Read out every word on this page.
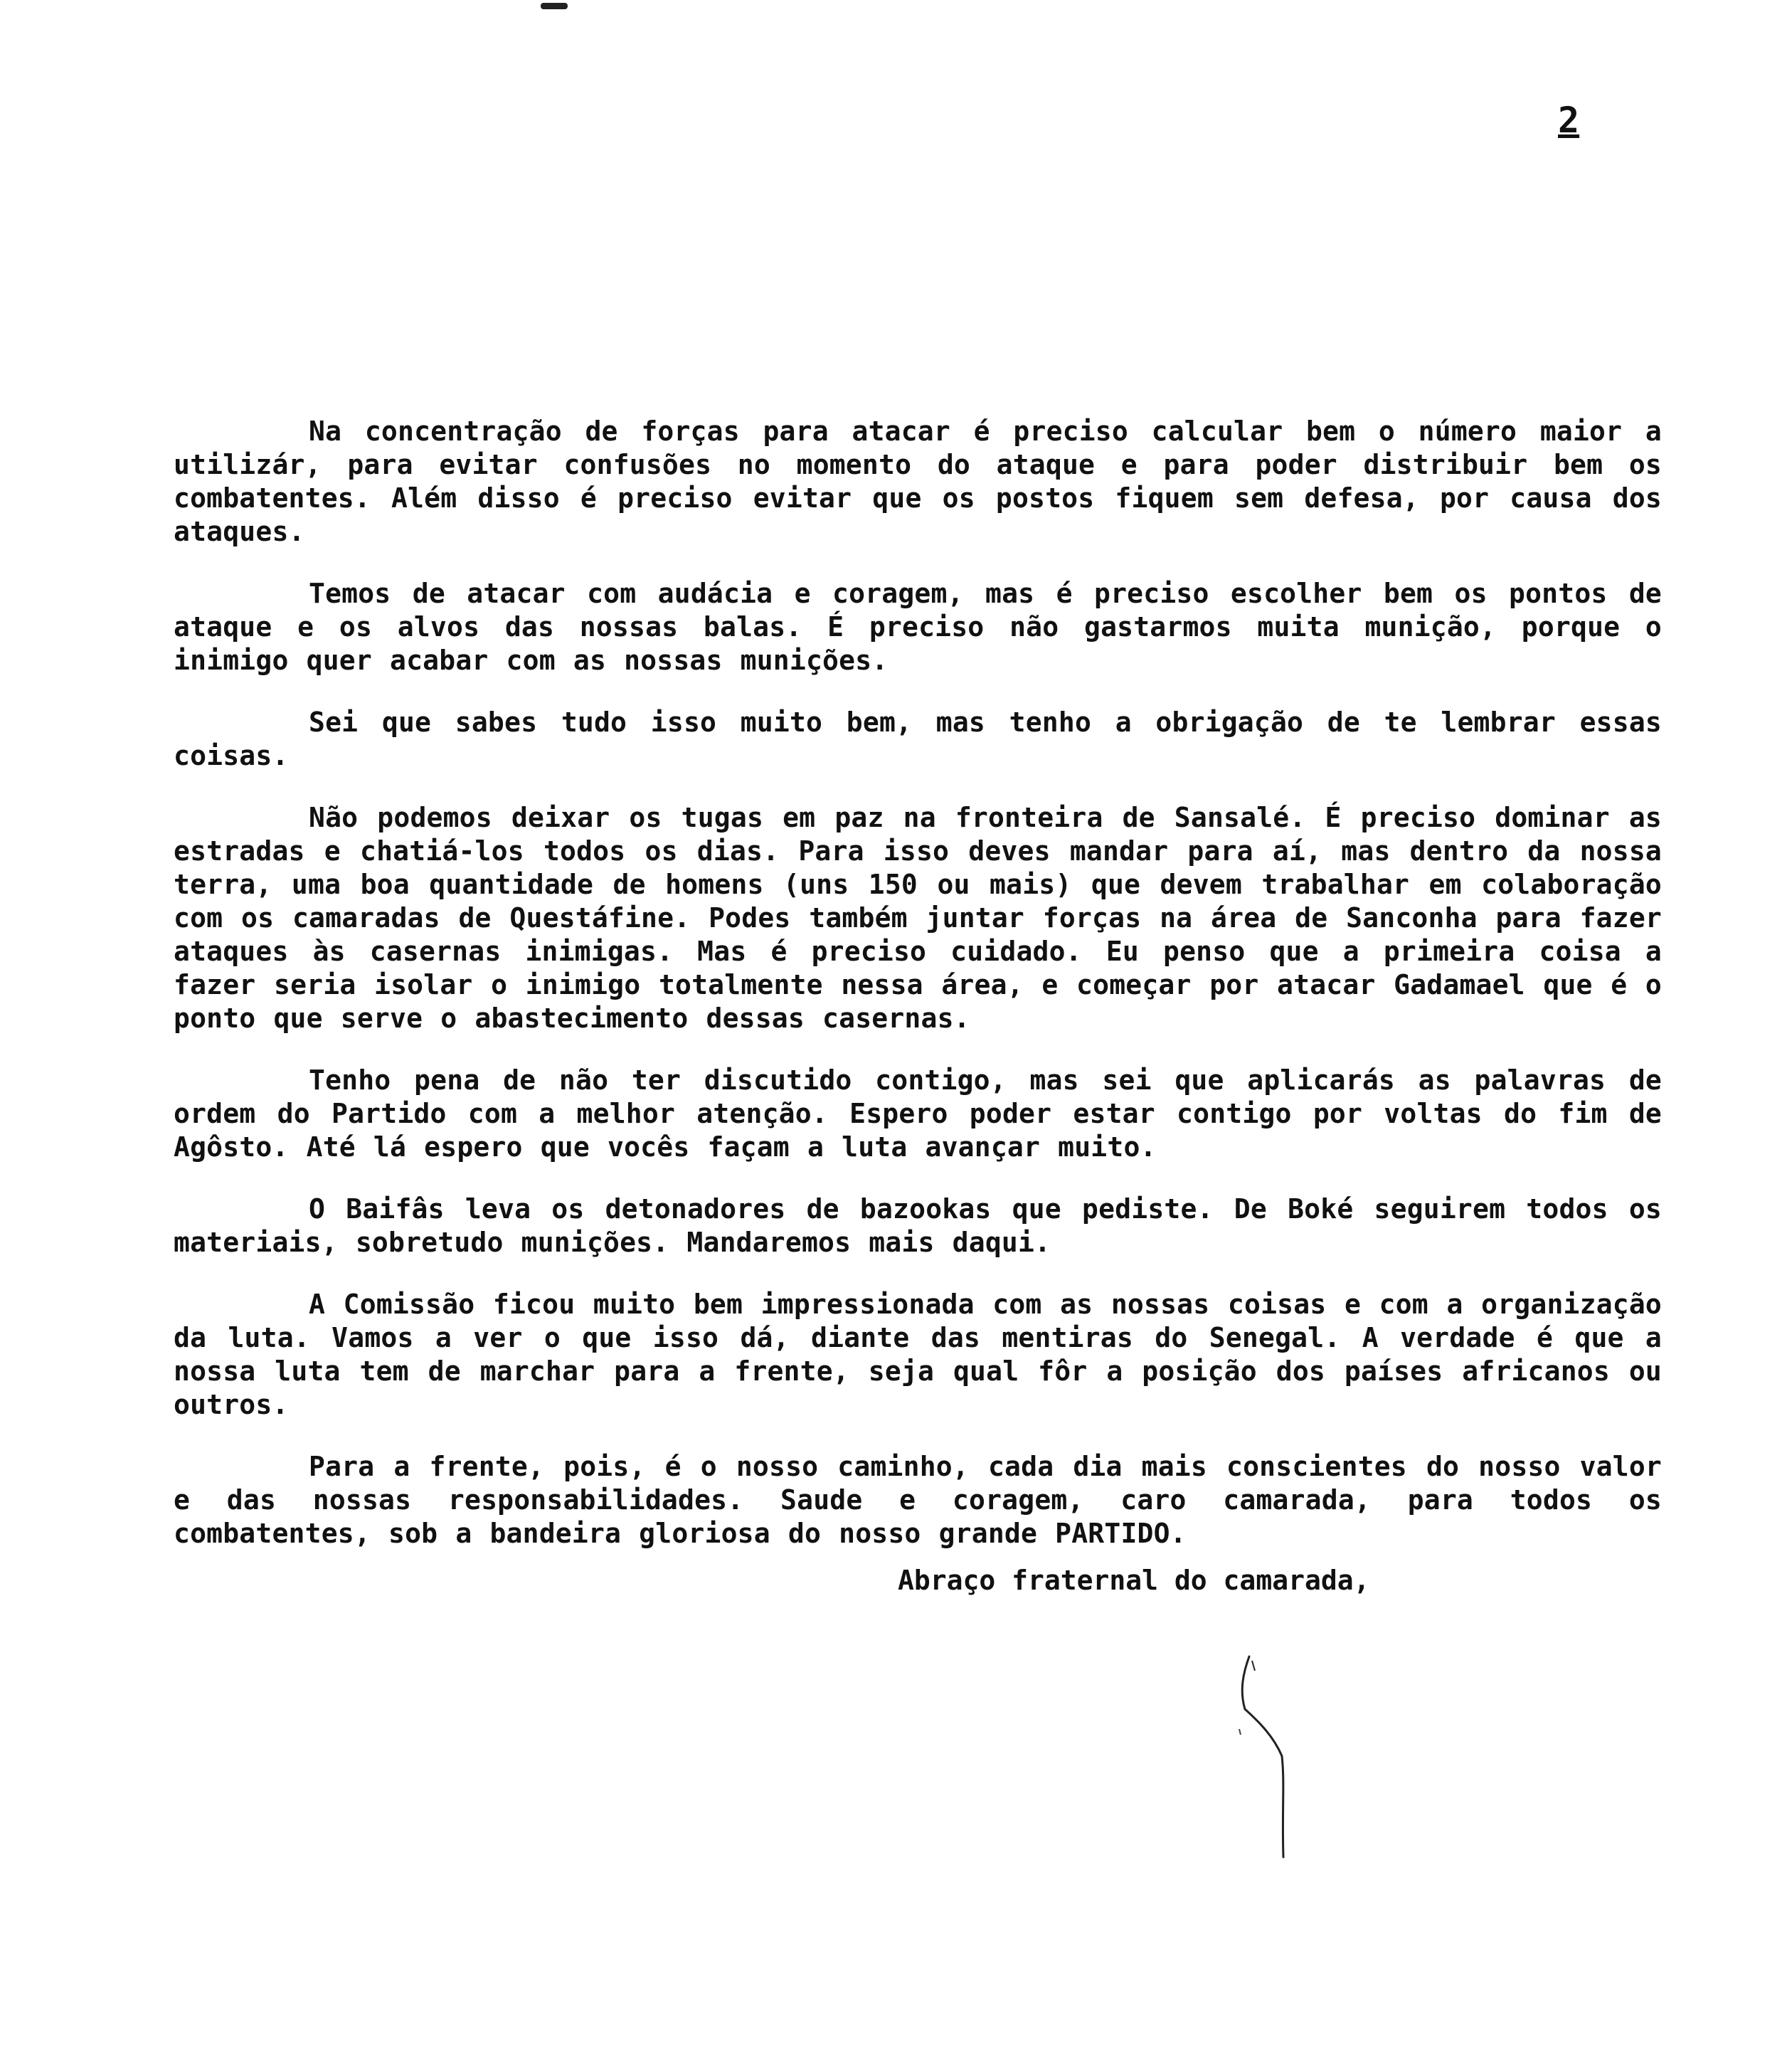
2

Na concentração de forças para atacar é preciso calcular bem o número maior a utilizár, para evitar confusões no momento do ataque e para poder distribuir bem os combatentes. Além disso é preciso evitar que os postos fiquem sem defesa, por causa dos ataques.

Temos de atacar com audácia e coragem, mas é preciso escolher bem os pontos de ataque e os alvos das nossas balas. É preciso não gastarmos muita munição, porque o inimigo quer acabar com as nossas munições.

Sei que sabes tudo isso muito bem, mas tenho a obrigação de te lembrar essas coisas.

Não podemos deixar os tugas em paz na fronteira de Sansalé. É preciso dominar as estradas e chatiá-los todos os dias. Para isso deves mandar para aí, mas dentro da nossa terra, uma boa quantidade de homens (uns 150 ou mais) que devem trabalhar em colaboração com os camaradas de Questáfine. Podes também juntar forças na área de Sanconha para fazer ataques às casernas inimigas. Mas é preciso cuidado. Eu penso que a primeira coisa a fazer seria isolar o inimigo totalmente nessa área, e começar por atacar Gadamael que é o ponto que serve o abastecimento dessas casernas.

Tenho pena de não ter discutido contigo, mas sei que aplicarás as palavras de ordem do Partido com a melhor atenção. Espero poder estar contigo por voltas do fim de Agôsto. Até lá espero que vocês façam a luta avançar muito.

O Baifâs leva os detonadores de bazookas que pediste. De Boké seguirem todos os materiais, sobretudo munições. Mandaremos mais daqui.

A Comissão ficou muito bem impressionada com as nossas coisas e com a organização da luta. Vamos a ver o que isso dá, diante das mentiras do Senegal. A verdade é que a nossa luta tem de marchar para a frente, seja qual fôr a posição dos países africanos ou outros.

Para a frente, pois, é o nosso caminho, cada dia mais conscientes do nosso valor e das nossas responsabilidades. Saude e coragem, caro camarada, para todos os combatentes, sob a bandeira gloriosa do nosso grande PARTIDO.

Abraço fraternal do camarada,
